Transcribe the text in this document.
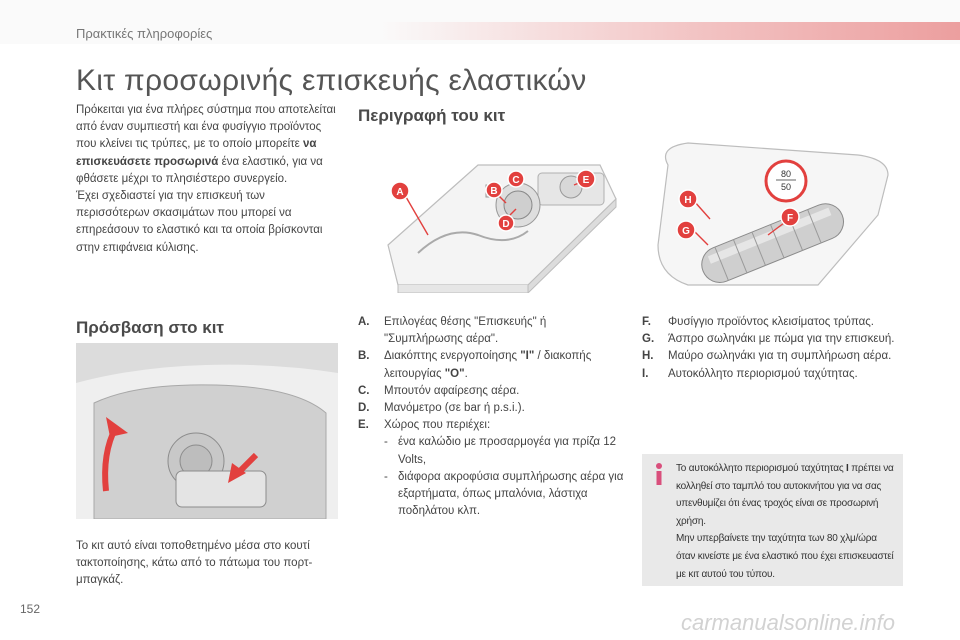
Πρακτικές πληροφορίες
Κιτ προσωρινής επισκευής ελαστικών
Πρόκειται για ένα πλήρες σύστημα που αποτελείται από έναν συμπιεστή και ένα φυσίγγιο προϊόντος που κλείνει τις τρύπες, με το οποίο μπορείτε να επισκευάσετε προσωρινά ένα ελαστικό, για να φθάσετε μέχρι το πλησιέστερο συνεργείο.
Έχει σχεδιαστεί για την επισκευή των περισσότερων σκασιμάτων που μπορεί να επηρεάσουν το ελαστικό και τα οποία βρίσκονται στην επιφάνεια κύλισης.
Περιγραφή του κιτ
80
50
A	B
C
D
E
F
G
H
Πρόσβαση στο κιτ
Το κιτ αυτό είναι τοποθετημένο μέσα στο κουτί τακτοποίησης, κάτω από το πάτωμα του πορτ-μπαγκάζ.
A. Επιλογέας θέσης "Επισκευής" ή "Συμπλήρωσης αέρα".
B. Διακόπτης ενεργοποίησης "I" / διακοπής λειτουργίας "O".
C. Μπουτόν αφαίρεσης αέρα.
D. Μανόμετρο (σε bar ή p.s.i.).
E. Χώρος που περιέχει:
- ένα καλώδιο με προσαρμογέα για πρίζα 12 Volts,
- διάφορα ακροφύσια συμπλήρωσης αέρα για εξαρτήματα, όπως μπαλόνια, λάστιχα ποδηλάτου κλπ.
F. Φυσίγγιο προϊόντος κλεισίματος τρύπας.
G. Άσπρο σωληνάκι με πώμα για την επισκευή.
H. Μαύρο σωληνάκι για τη συμπλήρωση αέρα.
I. Αυτοκόλλητο περιορισμού ταχύτητας.
Το αυτοκόλλητο περιορισμού ταχύτητας I πρέπει να κολληθεί στο ταμπλό του αυτοκινήτου για να σας υπενθυμίζει ότι ένας τροχός είναι σε προσωρινή χρήση.
Μην υπερβαίνετε την ταχύτητα των 80 χλμ/ώρα όταν κινείστε με ένα ελαστικό που έχει επισκευαστεί με κιτ αυτού του τύπου.
152
carmanualsonline.info
